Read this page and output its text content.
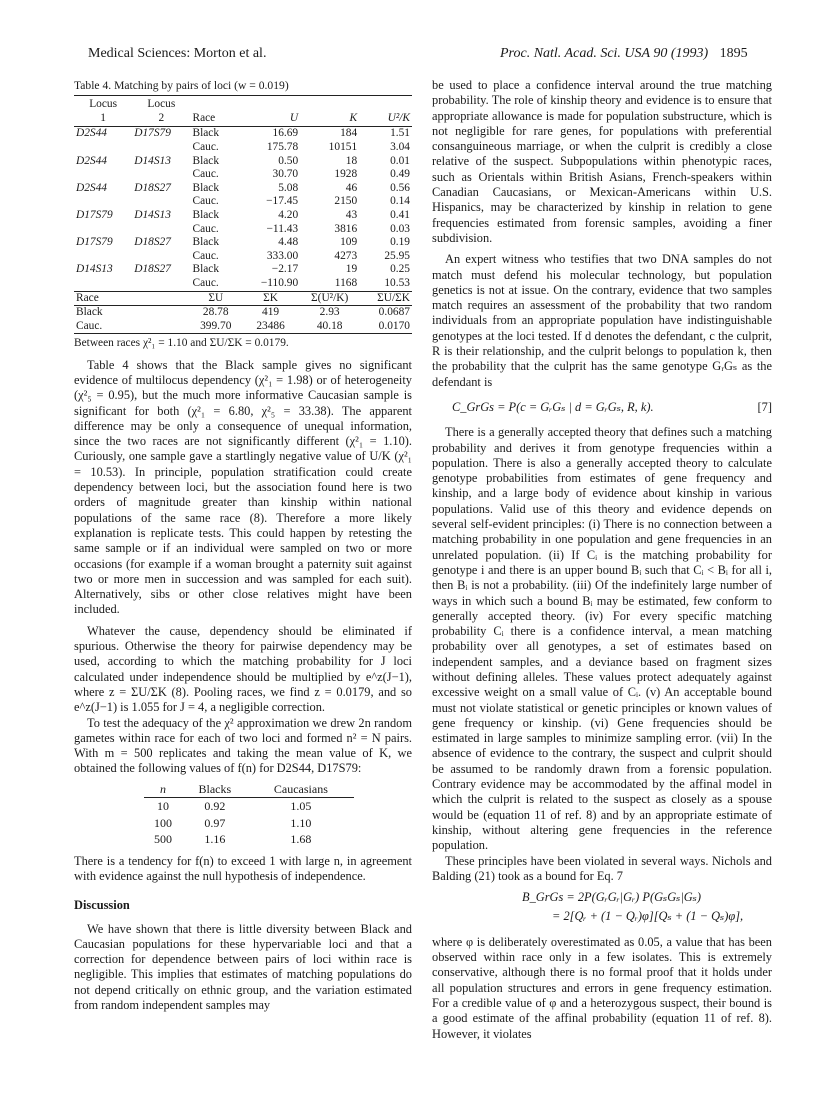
Medical Sciences: Morton et al.	Proc. Natl. Acad. Sci. USA 90 (1993) 1895

Table 4. Matching by pairs of loci (w = 0.019)

Locus	Locus				
1	2	Race	U	K	U²/K
D2S44	D17S79	Black	16.69	184	1.51
		Cauc.	175.78	10151	3.04
D2S44	D14S13	Black	0.50	18	0.01
		Cauc.	30.70	1928	0.49
D2S44	D18S27	Black	5.08	46	0.56
		Cauc.	−17.45	2150	0.14
D17S79	D14S13	Black	4.20	43	0.41
		Cauc.	−11.43	3816	0.03
D17S79	D18S27	Black	4.48	109	0.19
		Cauc.	333.00	4273	25.95
D14S13	D18S27	Black	−2.17	19	0.25
		Cauc.	−110.90	1168	10.53
Race		ΣU	ΣK	Σ(U²/K)	ΣU/ΣK
Black		28.78	419	2.93	0.0687
Cauc.		399.70	23486	40.18	0.0170

Between races χ²₁ = 1.10 and ΣU/ΣK = 0.0179.

Table 4 shows that the Black sample gives no significant evidence of multilocus dependency (χ²₁ = 1.98) or of heterogeneity (χ²₅ = 0.95), but the much more informative Caucasian sample is significant for both (χ²₁ = 6.80, χ²₅ = 33.38). The apparent difference may be only a consequence of unequal information, since the two races are not significantly different (χ²₁ = 1.10). Curiously, one sample gave a startlingly negative value of U/K (χ²₁ = 10.53). In principle, population stratification could create dependency between loci, but the association found here is two orders of magnitude greater than kinship within national populations of the same race (8). Therefore a more likely explanation is replicate tests. This could happen by retesting the same sample or if an individual were sampled on two or more occasions (for example if a woman brought a paternity suit against two or more men in succession and was sampled for each suit). Alternatively, sibs or other close relatives might have been included.

Whatever the cause, dependency should be eliminated if spurious. Otherwise the theory for pairwise dependency may be used, according to which the matching probability for J loci calculated under independence should be multiplied by e^z(J−1), where z = ΣU/ΣK (8). Pooling races, we find z = 0.0179, and so e^z(J−1) is 1.055 for J = 4, a negligible correction.

To test the adequacy of the χ² approximation we drew 2n random gametes within race for each of two loci and formed n² = N pairs. With m = 500 replicates and taking the mean value of K, we obtained the following values of f(n) for D2S44, D17S79:

n	Blacks	Caucasians
10	0.92	1.05
100	0.97	1.10
500	1.16	1.68

There is a tendency for f(n) to exceed 1 with large n, in agreement with evidence against the null hypothesis of independence.

Discussion

We have shown that there is little diversity between Black and Caucasian populations for these hypervariable loci and that a correction for dependence between pairs of loci within race is negligible. This implies that estimates of matching populations do not depend critically on ethnic group, and the variation estimated from random independent samples may

be used to place a confidence interval around the true matching probability. The role of kinship theory and evidence is to ensure that appropriate allowance is made for population substructure, which is not negligible for rare genes, for populations with preferential consanguineous marriage, or when the culprit is credibly a close relative of the suspect. Subpopulations within phenotypic races, such as Orientals within British Asians, French-speakers within Canadian Caucasians, or Mexican-Americans within U.S. Hispanics, may be characterized by kinship in relation to gene frequencies estimated from forensic samples, avoiding a finer subdivision.

An expert witness who testifies that two DNA samples do not match must defend his molecular technology, but population genetics is not at issue. On the contrary, evidence that two samples match requires an assessment of the probability that two random individuals from an appropriate population have indistinguishable genotypes at the loci tested. If d denotes the defendant, c the culprit, R is their relationship, and the culprit belongs to population k, then the probability that the culprit has the same genotype GᵣGₛ as the defendant is

C_GrGs = P(c = GᵣGₛ | d = GᵣGₛ, R, k).	[7]

There is a generally accepted theory that defines such a matching probability and derives it from genotype frequencies within a population. There is also a generally accepted theory to calculate genotype probabilities from estimates of gene frequency and kinship, and a large body of evidence about kinship in various populations. Valid use of this theory and evidence depends on several self-evident principles: (i) There is no connection between a matching probability in one population and gene frequencies in an unrelated population. (ii) If Cᵢ is the matching probability for genotype i and there is an upper bound Bᵢ such that Cᵢ < Bᵢ for all i, then Bᵢ is not a probability. (iii) Of the indefinitely large number of ways in which such a bound Bᵢ may be estimated, few conform to generally accepted theory. (iv) For every specific matching probability Cᵢ there is a confidence interval, a mean matching probability over all genotypes, a set of estimates based on independent samples, and a deviance based on fragment sizes without defining alleles. These values protect adequately against excessive weight on a small value of Cᵢ. (v) An acceptable bound must not violate statistical or genetic principles or known values of gene frequency or kinship. (vi) Gene frequencies should be estimated in large samples to minimize sampling error. (vii) In the absence of evidence to the contrary, the suspect and culprit should be assumed to be randomly drawn from a forensic population. Contrary evidence may be accommodated by the affinal model in which the culprit is related to the suspect as closely as a spouse would be (equation 11 of ref. 8) and by an appropriate estimate of kinship, without altering gene frequencies in the reference population.

These principles have been violated in several ways. Nichols and Balding (21) took as a bound for Eq. 7

B_GrGs = 2P(GᵣGᵣ|Gᵣ) P(GₛGₛ|Gₛ)
= 2[Qᵣ + (1 − Qᵣ)φ][Qₛ + (1 − Qₛ)φ],

where φ is deliberately overestimated as 0.05, a value that has been observed within race only in a few isolates. This is extremely conservative, although there is no formal proof that it holds under all population structures and errors in gene frequency estimation. For a credible value of φ and a heterozygous suspect, their bound is a good estimate of the affinal probability (equation 11 of ref. 8). However, it violates
